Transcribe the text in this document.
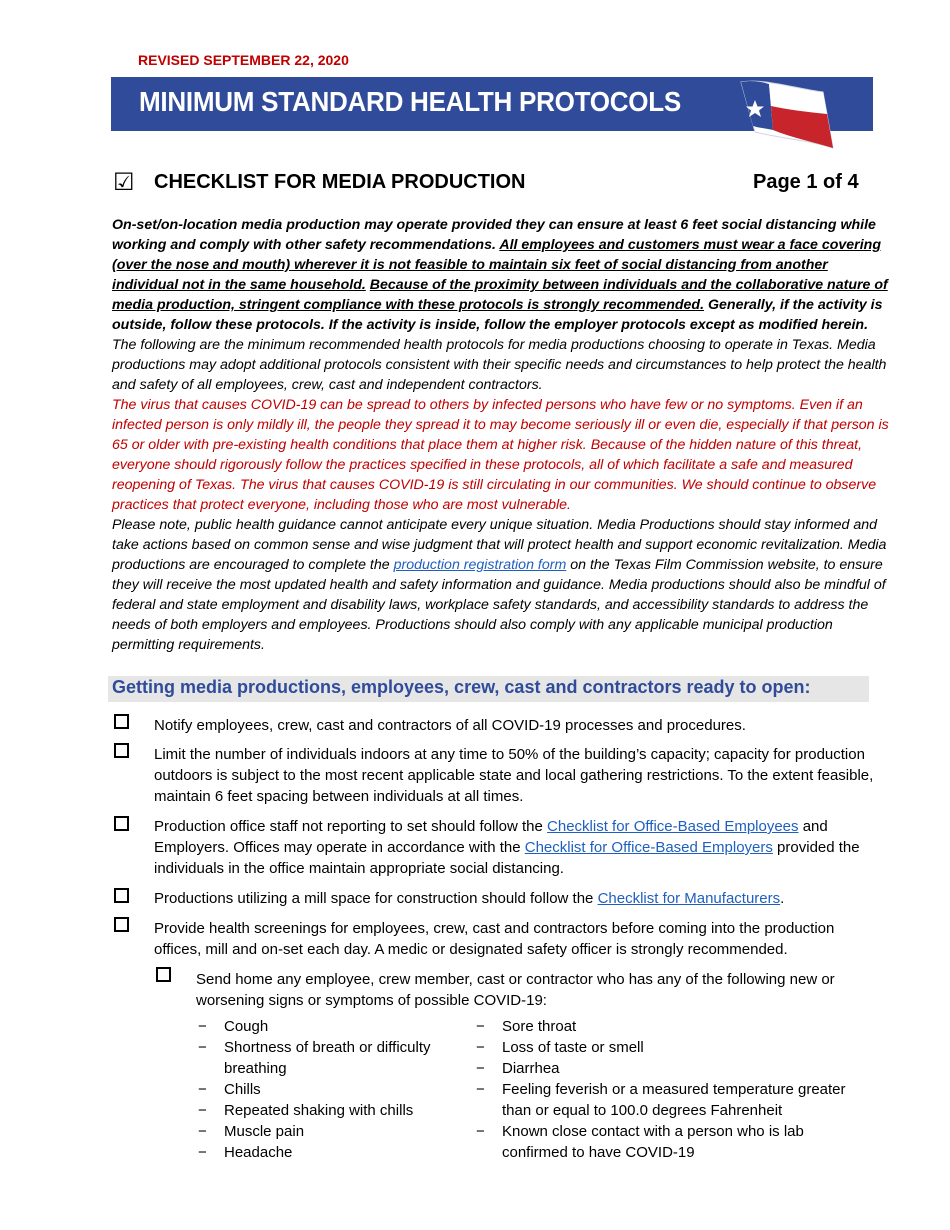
REVISED SEPTEMBER 22, 2020
MINIMUM STANDARD HEALTH PROTOCOLS
☑ CHECKLIST FOR MEDIA PRODUCTION	Page 1 of 4

On-set/on-location media production may operate provided they can ensure at least 6 feet social distancing while working and comply with other safety recommendations. All employees and customers must wear a face covering (over the nose and mouth) wherever it is not feasible to maintain six feet of social distancing from another individual not in the same household. Because of the proximity between individuals and the collaborative nature of media production, stringent compliance with these protocols is strongly recommended. Generally, if the activity is outside, follow these protocols. If the activity is inside, follow the employer protocols except as modified herein.

The following are the minimum recommended health protocols for media productions choosing to operate in Texas. Media productions may adopt additional protocols consistent with their specific needs and circumstances to help protect the health and safety of all employees, crew, cast and independent contractors.

The virus that causes COVID-19 can be spread to others by infected persons who have few or no symptoms. Even if an infected person is only mildly ill, the people they spread it to may become seriously ill or even die, especially if that person is 65 or older with pre-existing health conditions that place them at higher risk. Because of the hidden nature of this threat, everyone should rigorously follow the practices specified in these protocols, all of which facilitate a safe and measured reopening of Texas. The virus that causes COVID-19 is still circulating in our communities. We should continue to observe practices that protect everyone, including those who are most vulnerable.

Please note, public health guidance cannot anticipate every unique situation. Media Productions should stay informed and take actions based on common sense and wise judgment that will protect health and support economic revitalization. Media productions are encouraged to complete the production registration form on the Texas Film Commission website, to ensure they will receive the most updated health and safety information and guidance. Media productions should also be mindful of federal and state employment and disability laws, workplace safety standards, and accessibility standards to address the needs of both employers and employees. Productions should also comply with any applicable municipal production permitting requirements.

Getting media productions, employees, crew, cast and contractors ready to open:
Notify employees, crew, cast and contractors of all COVID-19 processes and procedures.
Limit the number of individuals indoors at any time to 50% of the building’s capacity; capacity for production outdoors is subject to the most recent applicable state and local gathering restrictions. To the extent feasible, maintain 6 feet spacing between individuals at all times.
Production office staff not reporting to set should follow the Checklist for Office-Based Employees and Employers. Offices may operate in accordance with the Checklist for Office-Based Employers provided the individuals in the office maintain appropriate social distancing.
Productions utilizing a mill space for construction should follow the Checklist for Manufacturers.
Provide health screenings for employees, crew, cast and contractors before coming into the production offices, mill and on-set each day. A medic or designated safety officer is strongly recommended.
Send home any employee, crew member, cast or contractor who has any of the following new or worsening signs or symptoms of possible COVID-19:
−	Cough
−	Shortness of breath or difficulty breathing
−	Chills
−	Repeated shaking with chills
−	Muscle pain
−	Headache
−	Sore throat
−	Loss of taste or smell
−	Diarrhea
−	Feeling feverish or a measured temperature greater than or equal to 100.0 degrees Fahrenheit
−	Known close contact with a person who is lab confirmed to have COVID-19
